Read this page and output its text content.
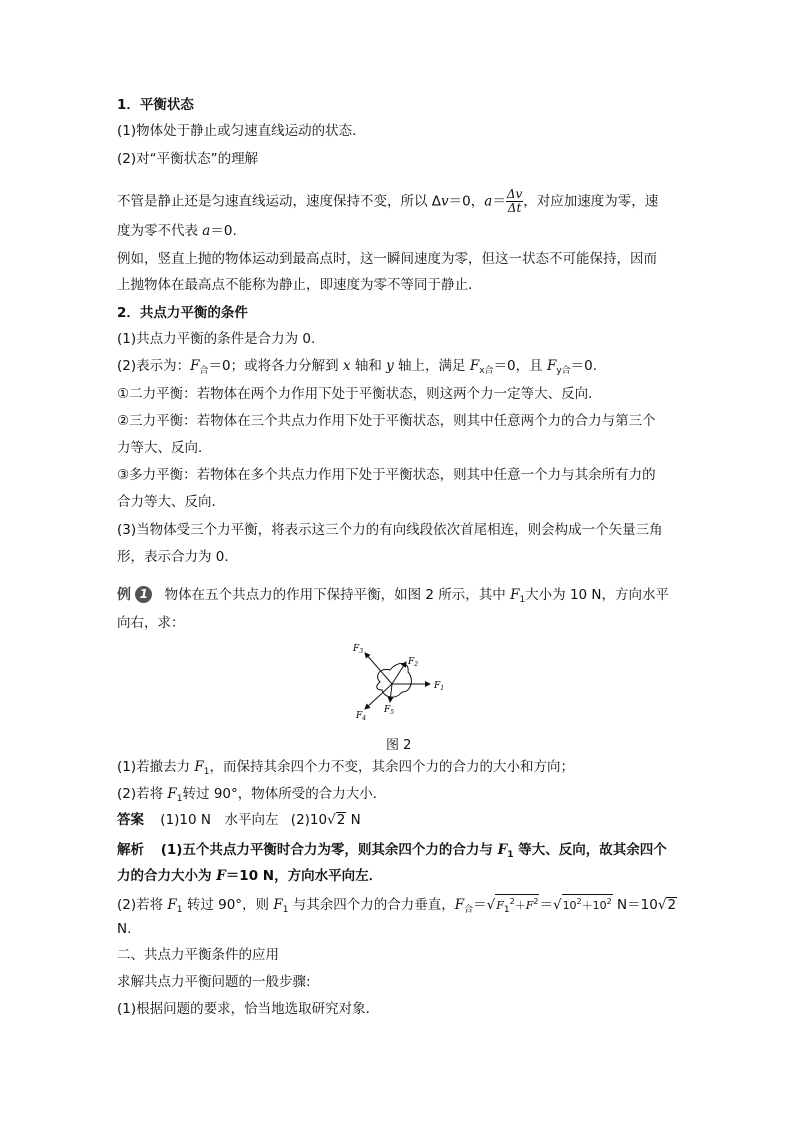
1．平衡状态
(1)物体处于静止或匀速直线运动的状态．
(2)对“平衡状态”的理解
不管是静止还是匀速直线运动，速度保持不变，所以 Δv＝0，$a= \frac{\Delta v}{\Delta t}$ ，对应加速度为零，速
度为零不代表 a＝0.
例如，竖直上抛的物体运动到最高点时，这一瞬间速度为零，但这一状态不可能保持，因而
上抛物体在最高点不能称为静止，即速度为零不等同于静止．
2．共点力平衡的条件
(1)共点力平衡的条件是合力为 0.
(2)表示为：$F_合=0$；或将各力分解到 x 轴和 y 轴上，满足 $F_{x合}=0$，且 $F_{y合}=0$.
①二力平衡：若物体在两个力作用下处于平衡状态，则这两个力一定等大、反向．
②三力平衡：若物体在三个共点力作用下处于平衡状态，则其中任意两个力的合力与第三个
力等大、反向．
③多力平衡：若物体在多个共点力作用下处于平衡状态，则其中任意一个力与其余所有力的
合力等大、反向．
(3)当物体受三个力平衡，将表示这三个力的有向线段依次首尾相连，则会构成一个矢量三角
形，表示合力为 0.
例 1 物体在五个共点力的作用下保持平衡，如图 2 所示，其中 $F_1$大小为 10 N，方向水平
向右，求：
$F_1$
$F_2$
$F_3$
$F_4$
$F_5$
图 2
(1)若撤去力 $F_1$，而保持其余四个力不变，其余四个力的合力的大小和方向；
(2)若将 $F_1$转过 90°，物体所受的合力大小．
答案 (1)10 N　水平向左 (2)10√2 N
解析 (1)五个共点力平衡时合力为零，则其余四个力的合力与 $F_1$ 等大、反向，故其余四个
力的合力大小为 F＝10 N，方向水平向左．
(2)若将 $F_1$ 转过 90°，则 $F_1$ 与其余四个力的合力垂直，$F_合=√F_1^2+F^2=√10^2+10^2$ N＝10√2
N.
二、共点力平衡条件的应用
求解共点力平衡问题的一般步骤:
(1)根据问题的要求，恰当地选取研究对象．
